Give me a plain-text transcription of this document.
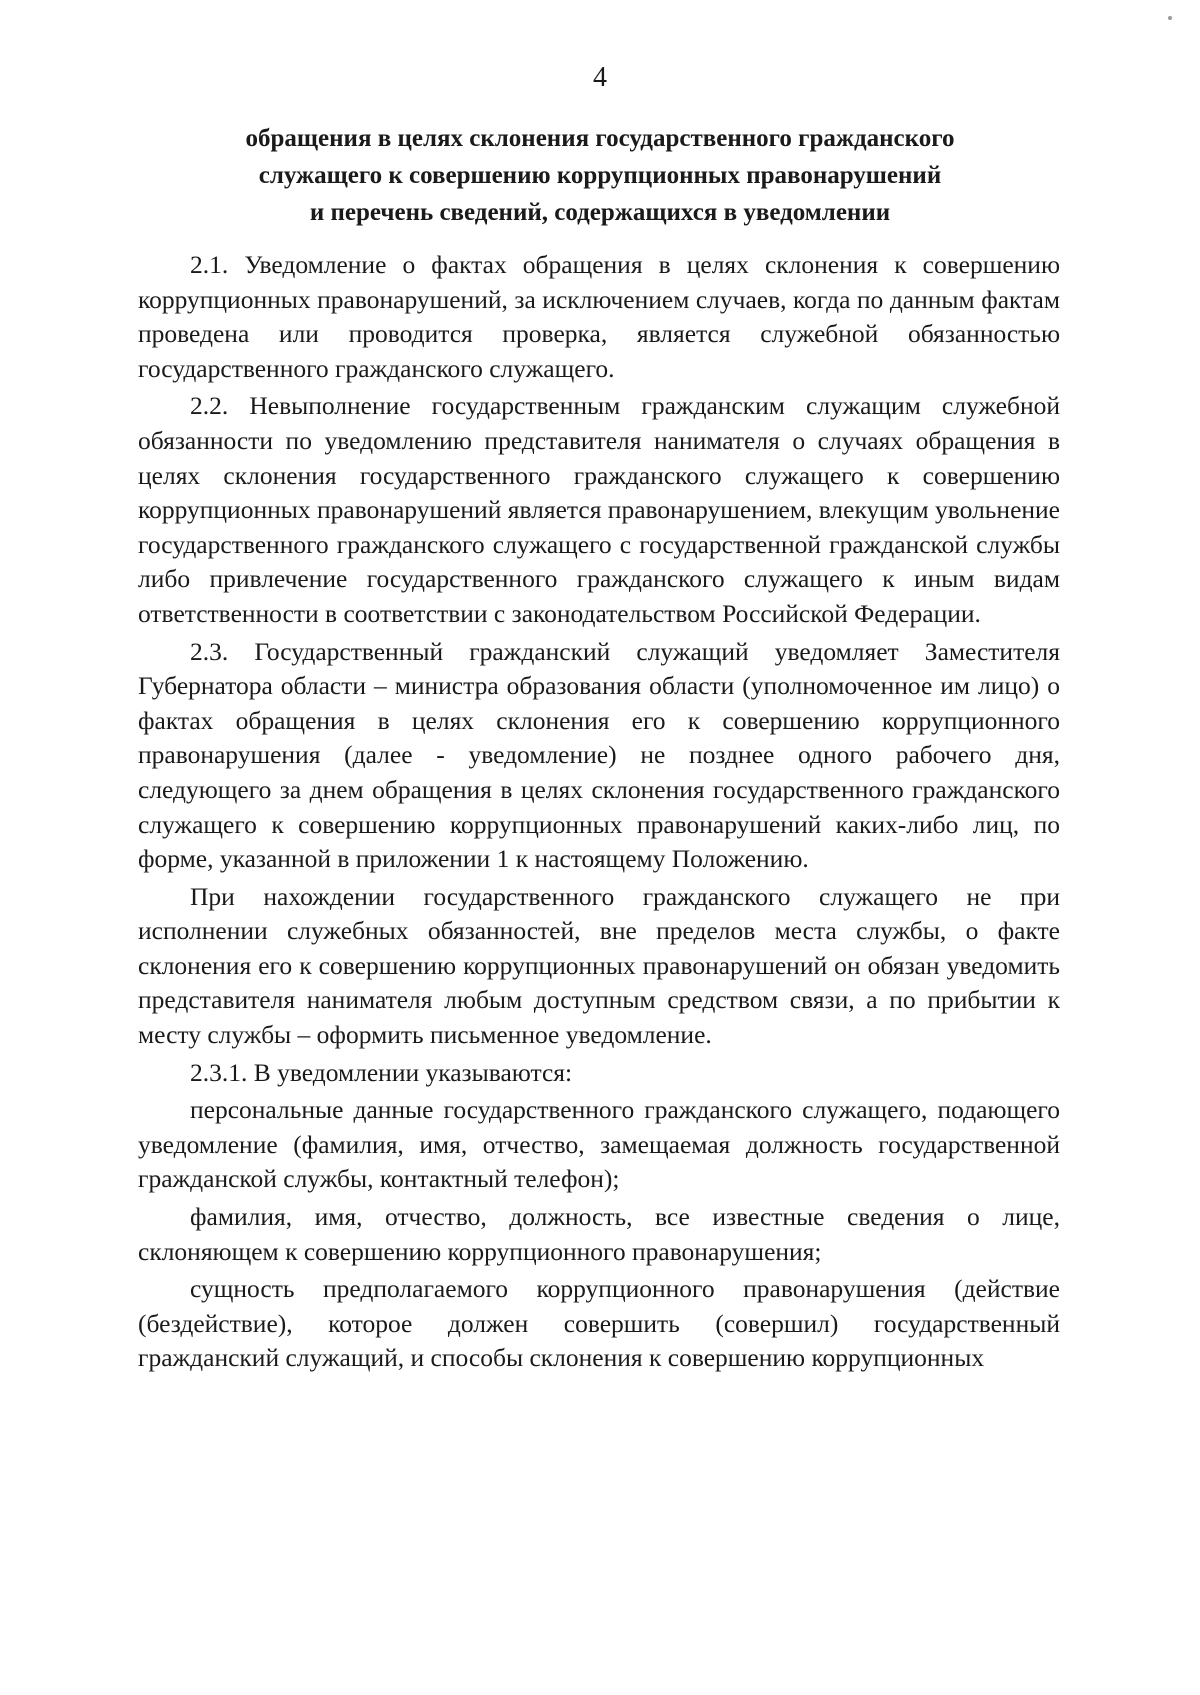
4
обращения в целях склонения государственного гражданского
служащего к совершению коррупционных правонарушений
и перечень сведений, содержащихся в уведомлении

2.1. Уведомление о фактах обращения в целях склонения к совершению коррупционных правонарушений, за исключением случаев, когда по данным фактам проведена или проводится проверка, является служебной обязанностью государственного гражданского служащего.

2.2. Невыполнение государственным гражданским служащим служебной обязанности по уведомлению представителя нанимателя о случаях обращения в целях склонения государственного гражданского служащего к совершению коррупционных правонарушений является правонарушением, влекущим увольнение государственного гражданского служащего с государственной гражданской службы либо привлечение государственного гражданского служащего к иным видам ответственности в соответствии с законодательством Российской Федерации.

2.3. Государственный гражданский служащий уведомляет Заместителя Губернатора области – министра образования области (уполномоченное им лицо) о фактах обращения в целях склонения его к совершению коррупционного правонарушения (далее - уведомление) не позднее одного рабочего дня, следующего за днем обращения в целях склонения государственного гражданского служащего к совершению коррупционных правонарушений каких-либо лиц, по форме, указанной в приложении 1 к настоящему Положению.

При нахождении государственного гражданского служащего не при исполнении служебных обязанностей, вне пределов места службы, о факте склонения его к совершению коррупционных правонарушений он обязан уведомить представителя нанимателя любым доступным средством связи, а по прибытии к месту службы – оформить письменное уведомление.

2.3.1. В уведомлении указываются:

персональные данные государственного гражданского служащего, подающего уведомление (фамилия, имя, отчество, замещаемая должность государственной гражданской службы, контактный телефон);

фамилия, имя, отчество, должность, все известные сведения о лице, склоняющем к совершению коррупционного правонарушения;

сущность предполагаемого коррупционного правонарушения (действие (бездействие), которое должен совершить (совершил) государственный гражданский служащий, и способы склонения к совершению коррупционных
